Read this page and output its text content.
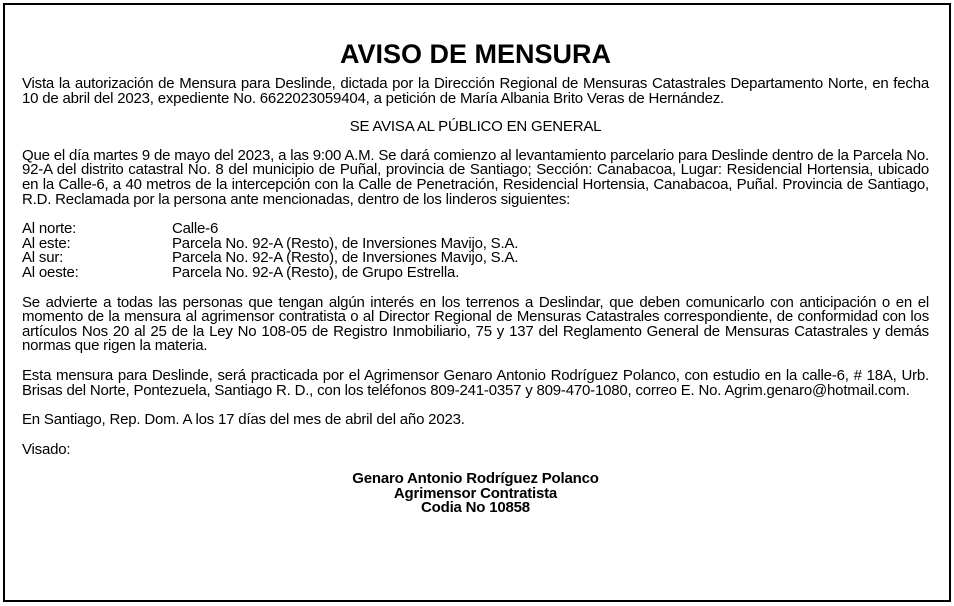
AVISO DE MENSURA

Vista la autorización de Mensura para Deslinde, dictada por la Dirección Regional de Mensuras Catastrales Departamento Norte, en fecha 10 de abril del 2023, expediente No. 6622023059404, a petición de María Albania Brito Veras de Hernández.

SE AVISA AL PÚBLICO EN GENERAL

Que el día martes 9 de mayo del 2023, a las 9:00 A.M. Se dará comienzo al levantamiento parcelario para Deslinde dentro de la Parcela No. 92-A del distrito catastral No. 8 del municipio de Puñal, provincia de Santiago; Sección: Canabacoa, Lugar: Residencial Hortensia, ubicado en la Calle-6, a 40 metros de la intercepción con la Calle de Penetración, Residencial Hortensia, Canabacoa, Puñal. Provincia de Santiago, R.D. Reclamada por la persona ante mencionadas, dentro de los linderos siguientes:

Al norte:	Calle-6
Al este:	Parcela No. 92-A (Resto), de Inversiones Mavijo, S.A.
Al sur:	Parcela No. 92-A (Resto), de Inversiones Mavijo, S.A.
Al oeste:	Parcela No. 92-A (Resto), de Grupo Estrella.

Se advierte a todas las personas que tengan algún interés en los terrenos a Deslindar, que deben comunicarlo con anticipación o en el momento de la mensura al agrimensor contratista o al Director Regional de Mensuras Catastrales correspondiente, de conformidad con los artículos Nos 20 al 25 de la Ley No 108-05 de Registro Inmobiliario, 75 y 137 del Reglamento General de Mensuras Catastrales y demás normas que rigen la materia.

Esta mensura para Deslinde, será practicada por el Agrimensor Genaro Antonio Rodríguez Polanco, con estudio en la calle-6, # 18A, Urb. Brisas del Norte, Pontezuela, Santiago R. D., con los teléfonos 809-241-0357 y 809-470-1080, correo E. No. Agrim.genaro@hotmail.com.

En Santiago, Rep. Dom. A los 17 días del mes de abril del año 2023.

Visado:

Genaro Antonio Rodríguez Polanco

Agrimensor Contratista

Codia No 10858
